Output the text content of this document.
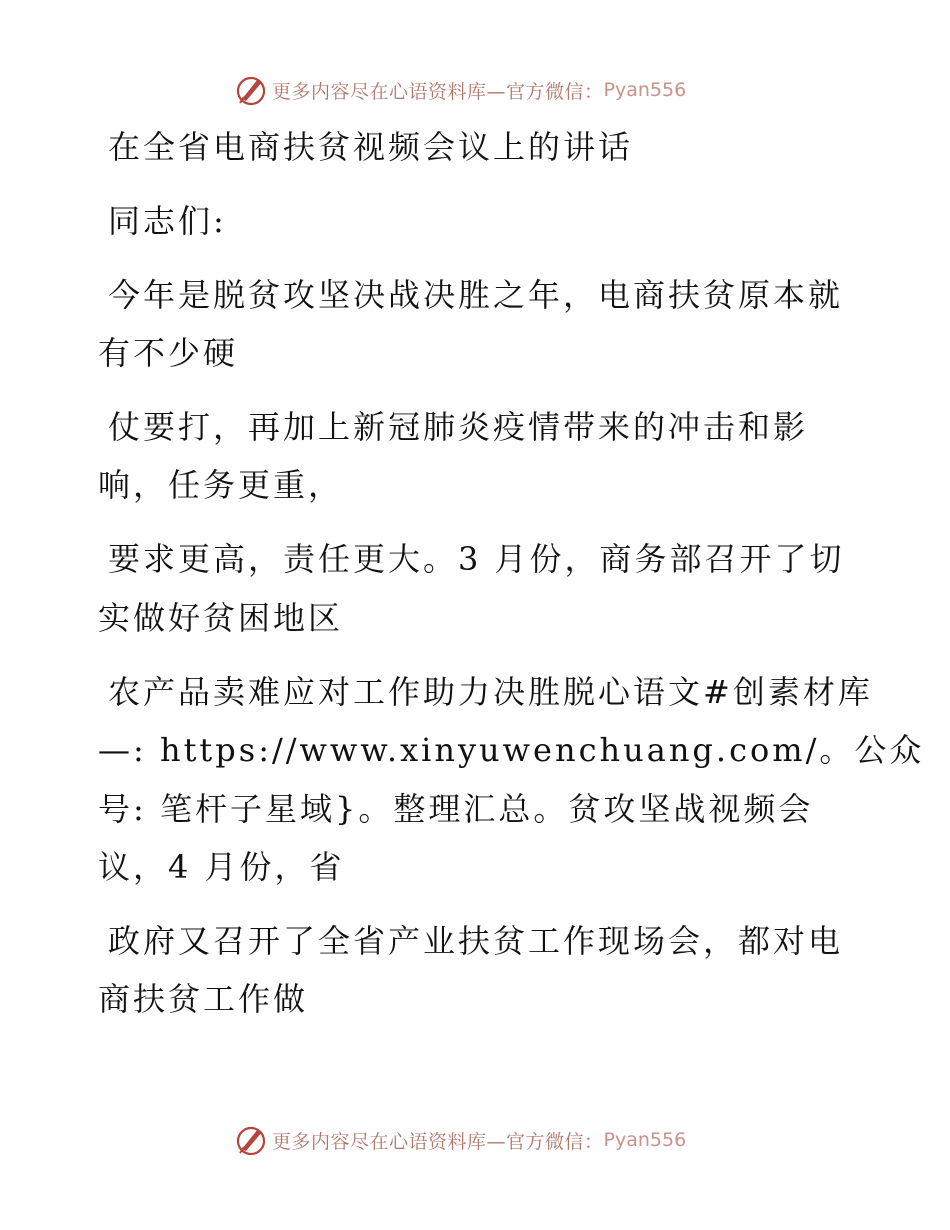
更多内容尽在心语资料库—官方微信： Pyan556
在全省电商扶贫视频会议上的讲话
同志们:
今年是脱贫攻坚决战决胜之年，电商扶贫原本就
有不少硬
仗要打，再加上新冠肺炎疫情带来的冲击和影
响，任务更重，
要求更高，责任更大。3 月份，商务部召开了切
实做好贫困地区
农产品卖难应对工作助力决胜脱心语文#创素材库
—: https://www.xinyuwenchuang.com/。公众
号: 笔杆子星域}。整理汇总。贫攻坚战视频会
议，4 月份，省
政府又召开了全省产业扶贫工作现场会，都对电
商扶贫工作做
更多内容尽在心语资料库—官方微信： Pyan556
